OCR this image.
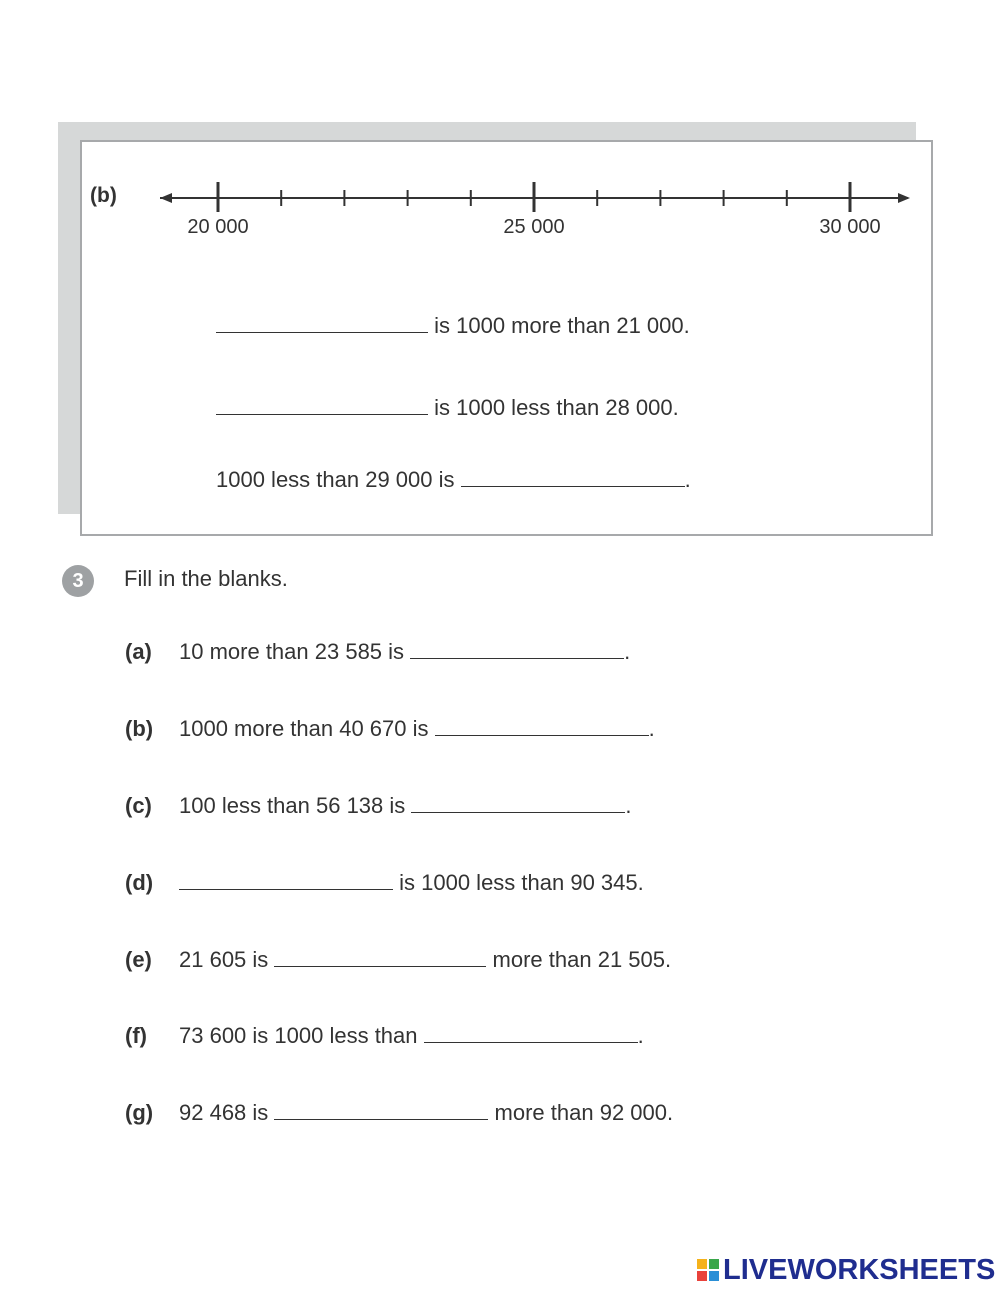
(b)
20 000	25 000	30 000
is 1000 more than 21 000.
is 1000 less than 28 000.
1000 less than 29 000 is	.
3	Fill in the blanks.
(a) 10 more than 23 585 is	.
(b) 1000 more than 40 670 is	.
(c) 100 less than 56 138 is	.
(d)	is 1000 less than 90 345.
(e) 21 605 is	more than 21 505.
(f) 73 600 is 1000 less than	.
(g) 92 468 is	more than 92 000.
LIVEWORKSHEETS
